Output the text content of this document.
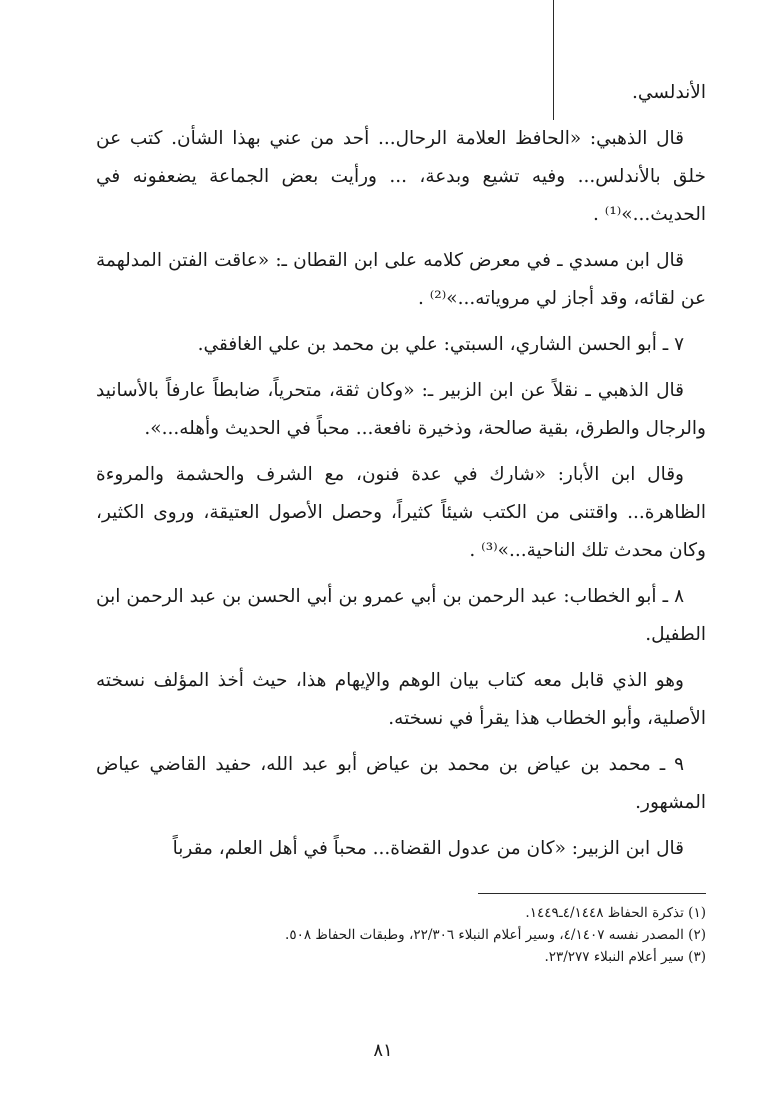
الأندلسي.

قال الذهبي: «الحافظ العلامة الرحال... أحد من عني بهذا الشأن. كتب عن خلق بالأندلس... وفيه تشيع وبدعة، ... ورأيت بعض الجماعة يضعفونه في الحديث...»⁽¹⁾ .

قال ابن مسدي ـ في معرض كلامه على ابن القطان ـ: «عاقت الفتن المدلهمة عن لقائه، وقد أجاز لي مروياته...»⁽²⁾ .

٧ ـ أبو الحسن الشاري، السبتي: علي بن محمد بن علي الغافقي.

قال الذهبي ـ نقلاً عن ابن الزبير ـ: «وكان ثقة، متحرياً، ضابطاً عارفاً بالأسانيد والرجال والطرق، بقية صالحة، وذخيرة نافعة... محباً في الحديث وأهله...».

وقال ابن الأبار: «شارك في عدة فنون، مع الشرف والحشمة والمروءة الظاهرة... واقتنى من الكتب شيئاً كثيراً، وحصل الأصول العتيقة، وروى الكثير، وكان محدث تلك الناحية...»⁽³⁾ .

٨ ـ أبو الخطاب: عبد الرحمن بن أبي عمرو بن أبي الحسن بن عبد الرحمن ابن الطفيل.

وهو الذي قابل معه كتاب بيان الوهم والإيهام هذا، حيث أخذ المؤلف نسخته الأصلية، وأبو الخطاب هذا يقرأ في نسخته.

٩ ـ محمد بن عياض بن محمد بن عياض أبو عبد الله، حفيد القاضي عياض المشهور.

قال ابن الزبير: «كان من عدول القضاة... محباً في أهل العلم، مقرباً

(١) تذكرة الحفاظ ٤/١٤٤٨ـ١٤٤٩.

(٢) المصدر نفسه ٤/١٤٠٧، وسير أعلام النبلاء ٢٢/٣٠٦، وطبقات الحفاظ ٥٠٨.

(٣) سير أعلام النبلاء ٢٣/٢٧٧.

٨١
